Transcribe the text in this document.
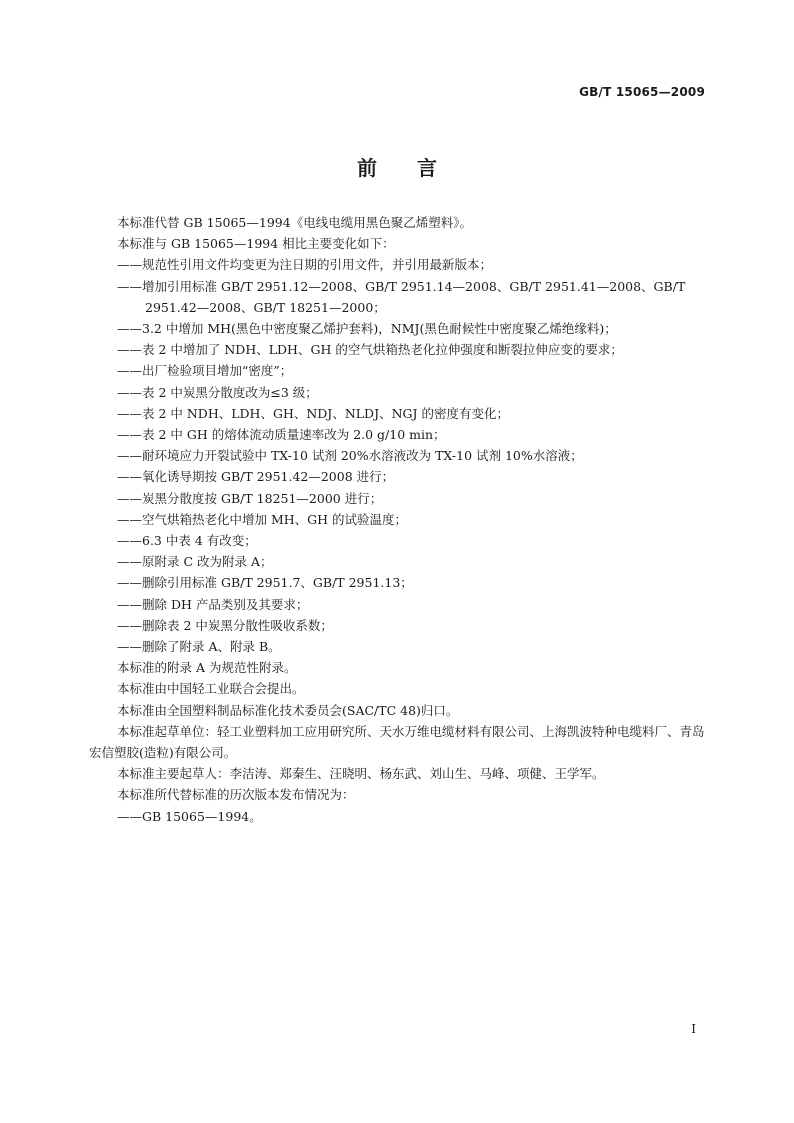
GB/T 15065—2009
前言

本标准代替 GB 15065—1994《电线电缆用黑色聚乙烯塑料》。

本标准与 GB 15065—1994 相比主要变化如下：

——规范性引用文件均变更为注日期的引用文件，并引用最新版本；

——增加引用标准 GB/T 2951.12—2008、GB/T 2951.14—2008、GB/T 2951.41—2008、GB/T 2951.42—2008、GB/T 18251—2000；

——3.2 中增加 MH(黑色中密度聚乙烯护套料)，NMJ(黑色耐候性中密度聚乙烯绝缘料)；

——表 2 中增加了 NDH、LDH、GH 的空气烘箱热老化拉伸强度和断裂拉伸应变的要求；

——出厂检验项目增加“密度”；

——表 2 中炭黑分散度改为≤3 级；

——表 2 中 NDH、LDH、GH、NDJ、NLDJ、NGJ 的密度有变化；

——表 2 中 GH 的熔体流动质量速率改为 2.0 g/10 min；

——耐环境应力开裂试验中 TX-10 试剂 20%水溶液改为 TX-10 试剂 10%水溶液；

——氧化诱导期按 GB/T 2951.42—2008 进行；

——炭黑分散度按 GB/T 18251—2000 进行；

——空气烘箱热老化中增加 MH、GH 的试验温度；

——6.3 中表 4 有改变；

——原附录 C 改为附录 A；

——删除引用标准 GB/T 2951.7、GB/T 2951.13；

——删除 DH 产品类别及其要求；

——删除表 2 中炭黑分散性吸收系数；

——删除了附录 A、附录 B。

本标准的附录 A 为规范性附录。

本标准由中国轻工业联合会提出。

本标准由全国塑料制品标准化技术委员会(SAC/TC 48)归口。

本标准起草单位：轻工业塑料加工应用研究所、天水万维电缆材料有限公司、上海凯波特种电缆料厂、青岛宏信塑胶(造粒)有限公司。

本标准主要起草人：李洁涛、郑秦生、汪晓明、杨东武、刘山生、马峰、项健、王学军。

本标准所代替标准的历次版本发布情况为：

——GB 15065—1994。

I
